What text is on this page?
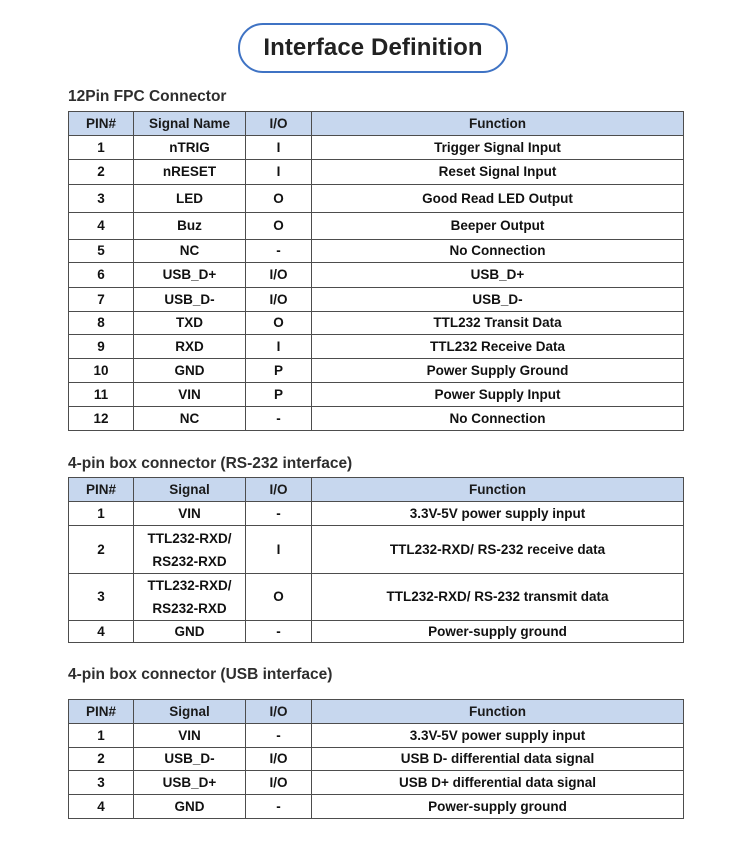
Interface Definition
12Pin FPC Connector
PIN#	Signal Name	I/O	Function
1	nTRIG	I	Trigger Signal Input
2	nRESET	I	Reset Signal Input
3	LED	O	Good Read LED Output
4	Buz	O	Beeper Output
5	NC	-	No Connection
6	USB_D+	I/O	USB_D+
7	USB_D-	I/O	USB_D-
8	TXD	O	TTL232 Transit Data
9	RXD	I	TTL232 Receive Data
10	GND	P	Power Supply Ground
11	VIN	P	Power Supply Input
12	NC	-	No Connection
4-pin box connector (RS-232 interface)
PIN#	Signal	I/O	Function
1	VIN	-	3.3V-5V power supply input
2	TTL232-RXD/ RS232-RXD	I	TTL232-RXD/ RS-232 receive data
3	TTL232-RXD/ RS232-RXD	O	TTL232-RXD/ RS-232 transmit data
4	GND	-	Power-supply ground
4-pin box connector (USB interface)
PIN#	Signal	I/O	Function
1	VIN	-	3.3V-5V power supply input
2	USB_D-	I/O	USB D- differential data signal
3	USB_D+	I/O	USB D+ differential data signal
4	GND	-	Power-supply ground
